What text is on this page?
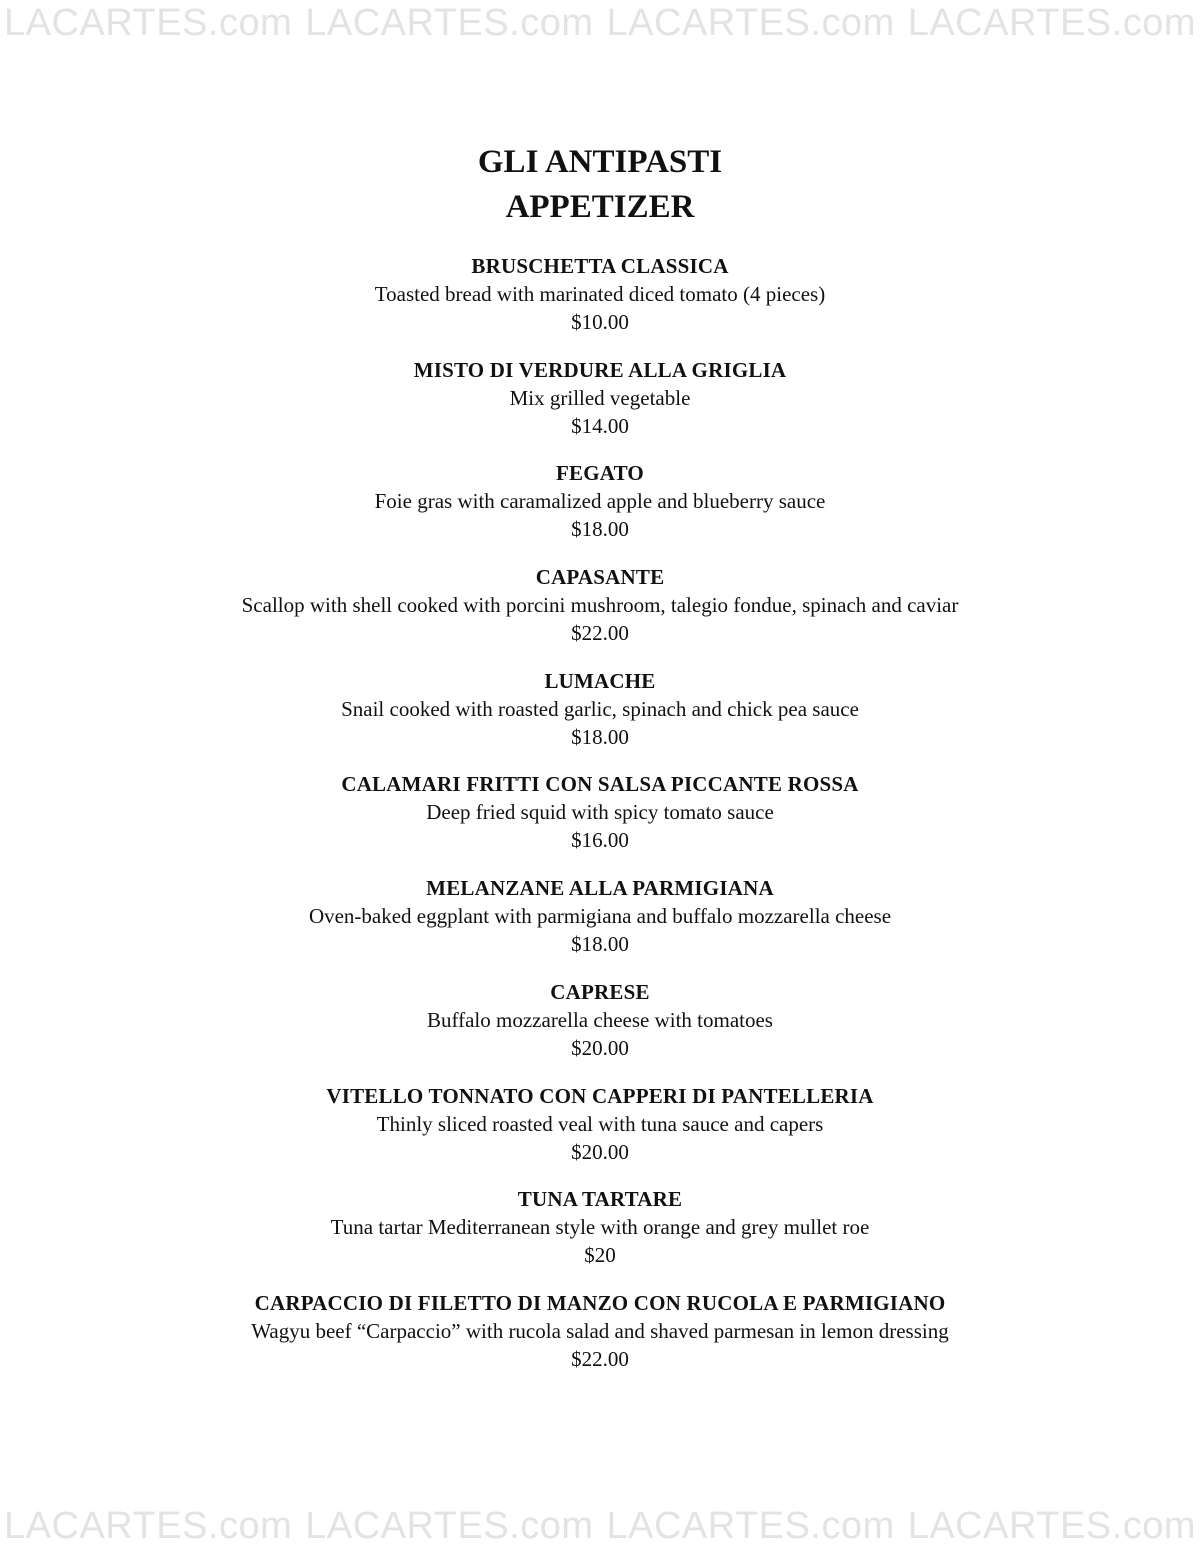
LACARTES.com LACARTES.com LACARTES.com LACARTES.com
GLI ANTIPASTI
APPETIZER
BRUSCHETTA CLASSICA
Toasted bread with marinated diced tomato (4 pieces)
$10.00
MISTO DI VERDURE ALLA GRIGLIA
Mix grilled vegetable
$14.00
FEGATO
Foie gras with caramalized apple and blueberry sauce
$18.00
CAPASANTE
Scallop with shell cooked with porcini mushroom, talegio fondue, spinach and caviar
$22.00
LUMACHE
Snail cooked with roasted garlic, spinach and chick pea sauce
$18.00
CALAMARI FRITTI CON SALSA PICCANTE ROSSA
Deep fried squid with spicy tomato sauce
$16.00
MELANZANE ALLA PARMIGIANA
Oven-baked eggplant with parmigiana and buffalo mozzarella cheese
$18.00
CAPRESE
Buffalo mozzarella cheese with tomatoes
$20.00
VITELLO TONNATO CON CAPPERI DI PANTELLERIA
Thinly sliced roasted veal with tuna sauce and capers
$20.00
TUNA TARTARE
Tuna tartar Mediterranean style with orange and grey mullet roe
$20
CARPACCIO DI FILETTO DI MANZO CON RUCOLA E PARMIGIANO
Wagyu beef “Carpaccio” with rucola salad and shaved parmesan in lemon dressing
$22.00
LACARTES.com LACARTES.com LACARTES.com LACARTES.com
